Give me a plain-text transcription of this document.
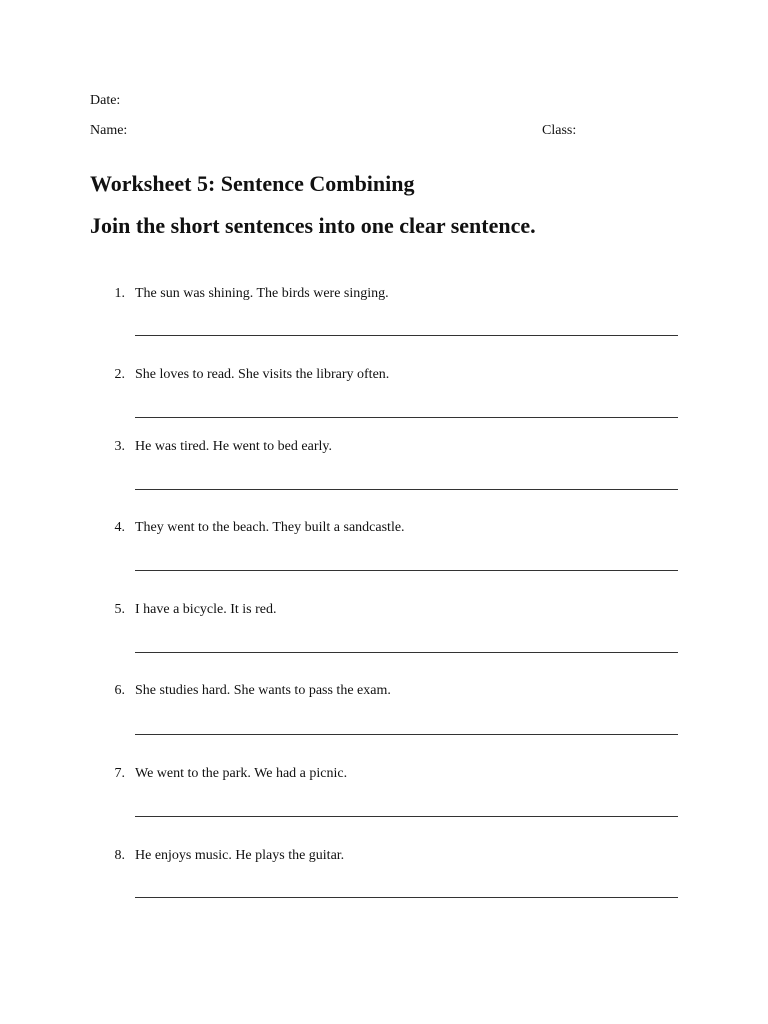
Date:
Name:	Class:
Worksheet 5: Sentence Combining
Join the short sentences into one clear sentence.
1. The sun was shining. The birds were singing.
2. She loves to read. She visits the library often.
3. He was tired. He went to bed early.
4. They went to the beach. They built a sandcastle.
5. I have a bicycle. It is red.
6. She studies hard. She wants to pass the exam.
7. We went to the park. We had a picnic.
8. He enjoys music. He plays the guitar.
